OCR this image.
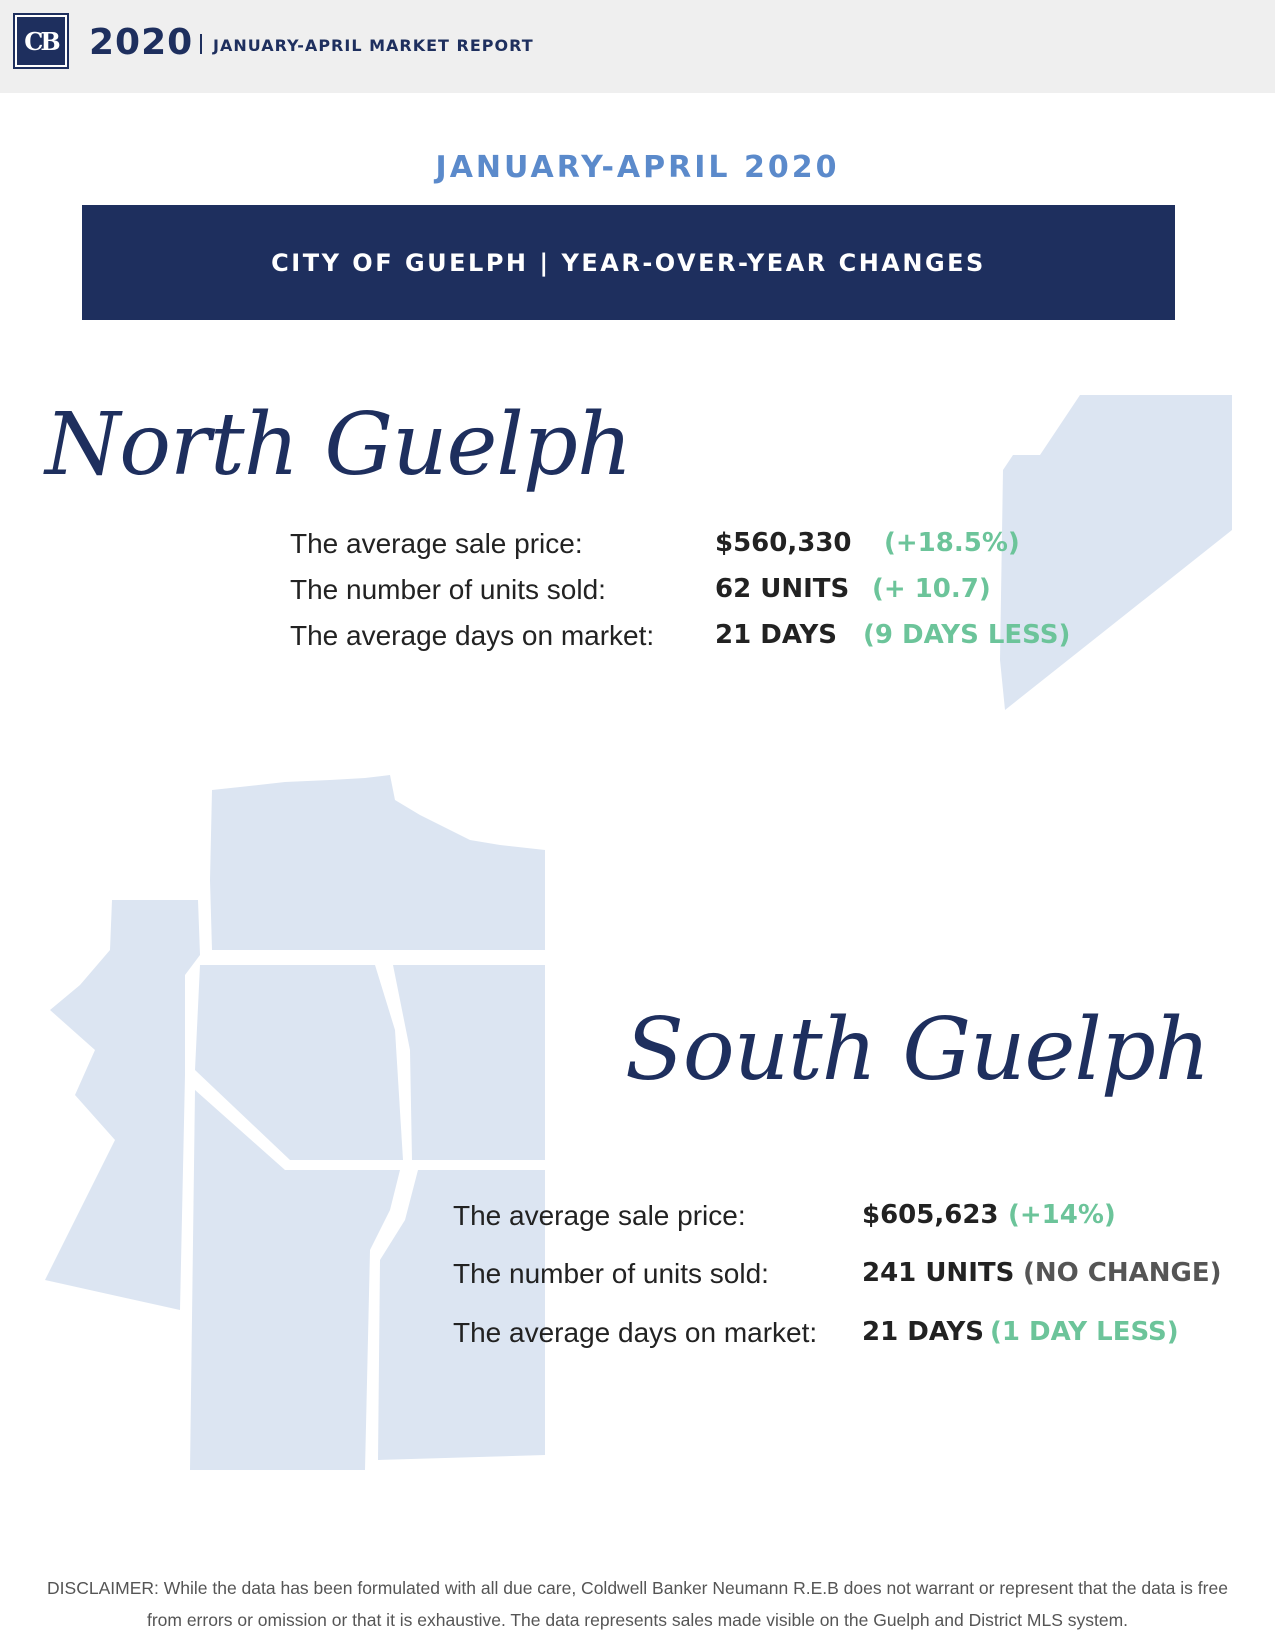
CB 2020 JANUARY-APRIL MARKET REPORT
JANUARY-APRIL 2020
CITY OF GUELPH | YEAR-OVER-YEAR CHANGES
North Guelph
The average sale price:	$560,330 (+18.5%)
The number of units sold:	62 UNITS (+ 10.7)
The average days on market: 21 DAYS (9 DAYS LESS)
South Guelph
The average sale price:	$605,623 (+14%)
The number of units sold:	241 UNITS (NO CHANGE)
The average days on market: 21 DAYS (1 DAY LESS)
DISCLAIMER: While the data has been formulated with all due care, Coldwell Banker Neumann R.E.B does not warrant or represent that the data is free from errors or omission or that it is exhaustive. The data represents sales made visible on the Guelph and District MLS system.
